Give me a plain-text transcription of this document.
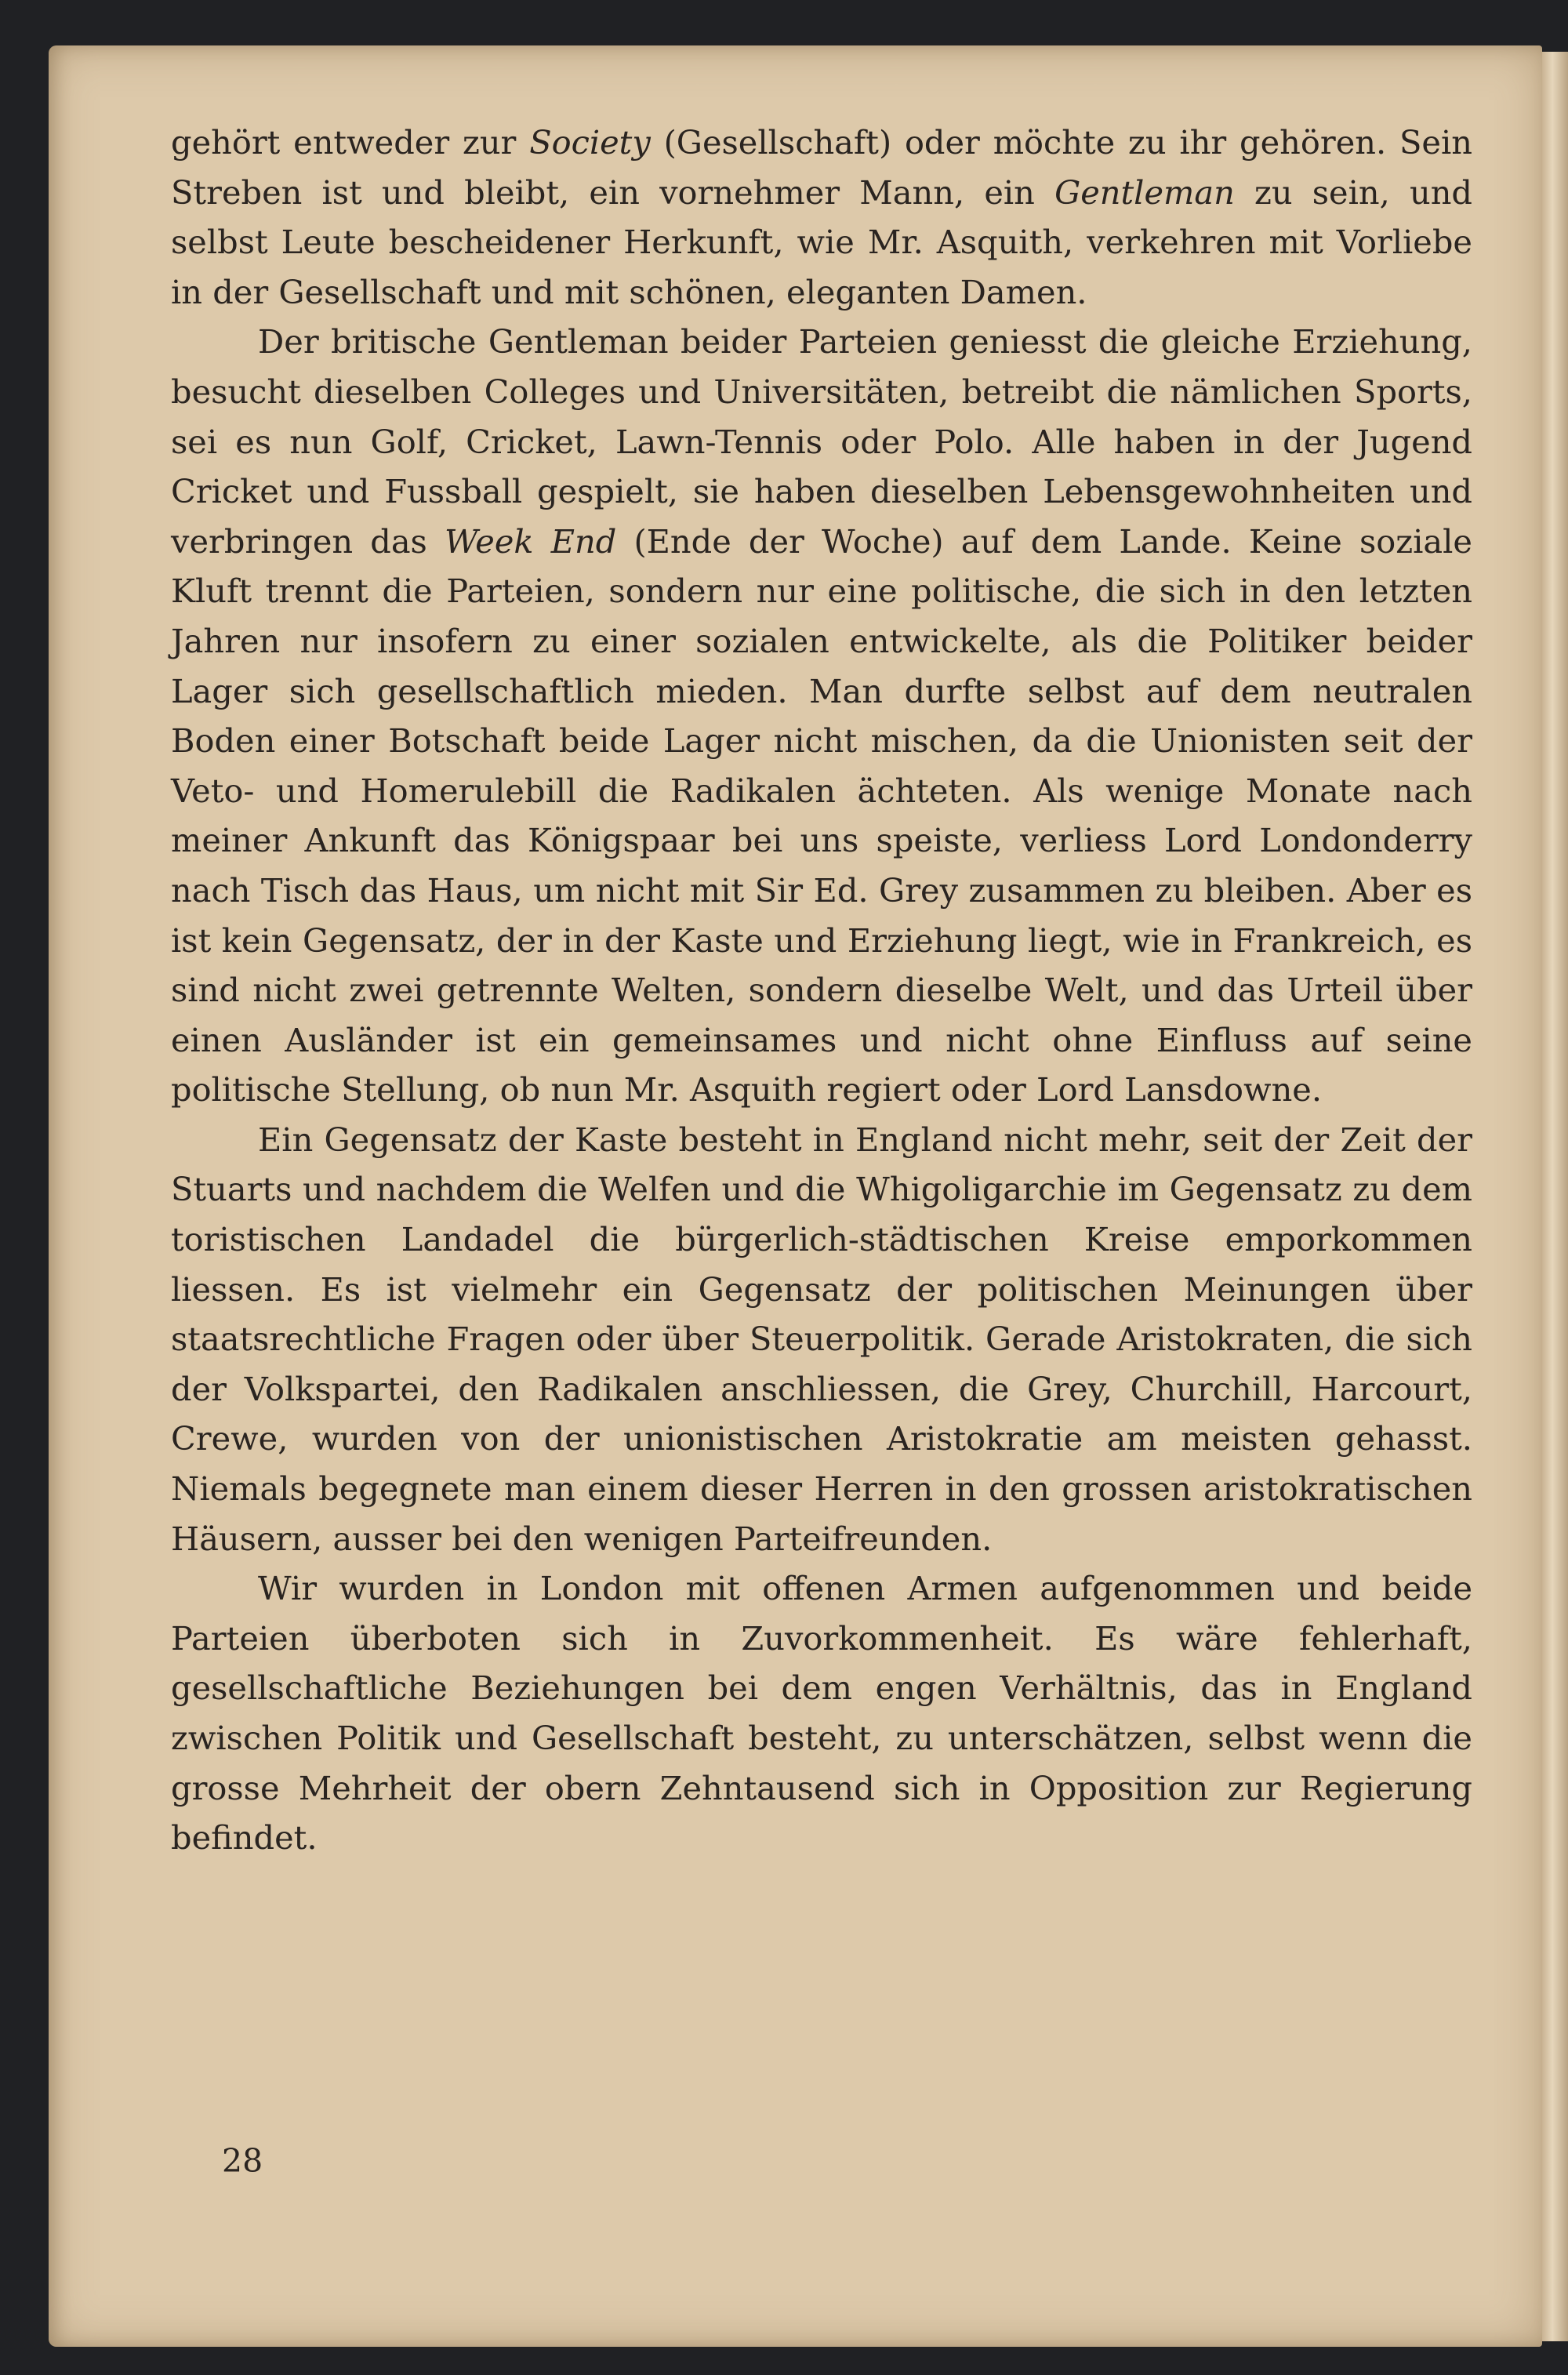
gehört entweder zur Society (Gesellschaft) oder möchte zu ihr gehören. Sein Streben ist und bleibt, ein vornehmer Mann, ein Gentleman zu sein, und selbst Leute bescheidener Herkunft, wie Mr. Asquith, verkehren mit Vorliebe in der Gesellschaft und mit schönen, eleganten Damen.

Der britische Gentleman beider Parteien geniesst die gleiche Erziehung, besucht dieselben Colleges und Universitäten, betreibt die nämlichen Sports, sei es nun Golf, Cricket, Lawn-Tennis oder Polo. Alle haben in der Jugend Cricket und Fussball gespielt, sie haben dieselben Lebensgewohnheiten und verbringen das Week End (Ende der Woche) auf dem Lande. Keine soziale Kluft trennt die Parteien, sondern nur eine politische, die sich in den letzten Jahren nur insofern zu einer sozialen entwickelte, als die Politiker beider Lager sich gesellschaftlich mieden. Man durfte selbst auf dem neutralen Boden einer Botschaft beide Lager nicht mischen, da die Unionisten seit der Veto- und Homerulebill die Radikalen ächteten. Als wenige Monate nach meiner Ankunft das Königspaar bei uns speiste, verliess Lord Londonderry nach Tisch das Haus, um nicht mit Sir Ed. Grey zusammen zu bleiben. Aber es ist kein Gegensatz, der in der Kaste und Erziehung liegt, wie in Frankreich, es sind nicht zwei getrennte Welten, sondern dieselbe Welt, und das Urteil über einen Ausländer ist ein gemeinsames und nicht ohne Einfluss auf seine politische Stellung, ob nun Mr. Asquith regiert oder Lord Lansdowne.

Ein Gegensatz der Kaste besteht in England nicht mehr, seit der Zeit der Stuarts und nachdem die Welfen und die Whigoligarchie im Gegensatz zu dem toristischen Landadel die bürgerlich-städtischen Kreise emporkommen liessen. Es ist vielmehr ein Gegensatz der politischen Meinungen über staatsrechtliche Fragen oder über Steuerpolitik. Gerade Aristokraten, die sich der Volkspartei, den Radikalen anschliessen, die Grey, Churchill, Harcourt, Crewe, wurden von der unionistischen Aristokratie am meisten gehasst. Niemals begegnete man einem dieser Herren in den grossen aristokratischen Häusern, ausser bei den wenigen Parteifreunden.

Wir wurden in London mit offenen Armen aufgenommen und beide Parteien überboten sich in Zuvorkommenheit. Es wäre fehlerhaft, gesellschaftliche Beziehungen bei dem engen Verhältnis, das in England zwischen Politik und Gesellschaft besteht, zu unterschätzen, selbst wenn die grosse Mehrheit der obern Zehntausend sich in Opposition zur Regierung befindet.

28
